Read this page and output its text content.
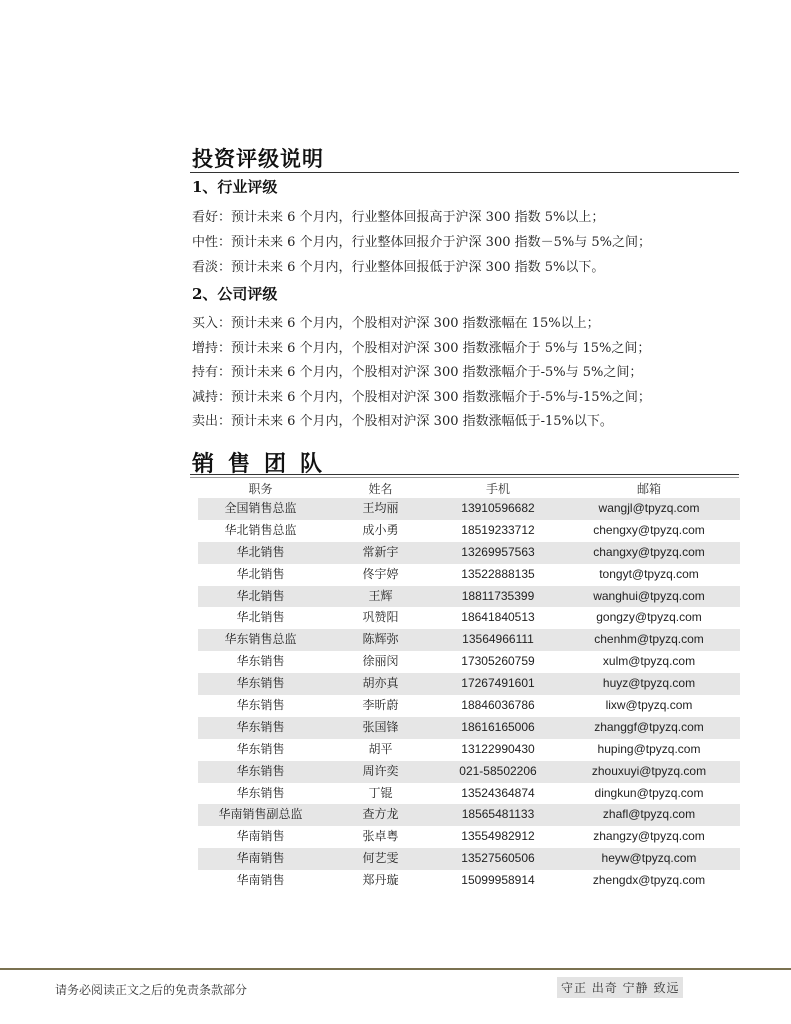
投资评级说明
1、行业评级
看好：预计未来 6 个月内，行业整体回报高于沪深 300 指数 5%以上；
中性：预计未来 6 个月内，行业整体回报介于沪深 300 指数－5%与 5%之间；
看淡：预计未来 6 个月内，行业整体回报低于沪深 300 指数 5%以下。
2、公司评级
买入：预计未来 6 个月内，个股相对沪深 300 指数涨幅在 15%以上；
增持：预计未来 6 个月内，个股相对沪深 300 指数涨幅介于 5%与 15%之间；
持有：预计未来 6 个月内，个股相对沪深 300 指数涨幅介于-5%与 5%之间；
减持：预计未来 6 个月内，个股相对沪深 300 指数涨幅介于-5%与-15%之间；
卖出：预计未来 6 个月内，个股相对沪深 300 指数涨幅低于-15%以下。
销售团队
职务	姓名	手机	邮箱
全国销售总监	王均丽	13910596682	wangjl@tpyzq.com
华北销售总监	成小勇	18519233712	chengxy@tpyzq.com
华北销售	常新宇	13269957563	changxy@tpyzq.com
华北销售	佟宇婷	13522888135	tongyt@tpyzq.com
华北销售	王辉	18811735399	wanghui@tpyzq.com
华北销售	巩赞阳	18641840513	gongzy@tpyzq.com
华东销售总监	陈辉弥	13564966111	chenhm@tpyzq.com
华东销售	徐丽闵	17305260759	xulm@tpyzq.com
华东销售	胡亦真	17267491601	huyz@tpyzq.com
华东销售	李昕蔚	18846036786	lixw@tpyzq.com
华东销售	张国锋	18616165006	zhanggf@tpyzq.com
华东销售	胡平	13122990430	huping@tpyzq.com
华东销售	周许奕	021-58502206	zhouxuyi@tpyzq.com
华东销售	丁锟	13524364874	dingkun@tpyzq.com
华南销售副总监	查方龙	18565481133	zhafl@tpyzq.com
华南销售	张卓粤	13554982912	zhangzy@tpyzq.com
华南销售	何艺雯	13527560506	heyw@tpyzq.com
华南销售	郑丹璇	15099958914	zhengdx@tpyzq.com
请务必阅读正文之后的免责条款部分	守正 出奇 宁静 致远
